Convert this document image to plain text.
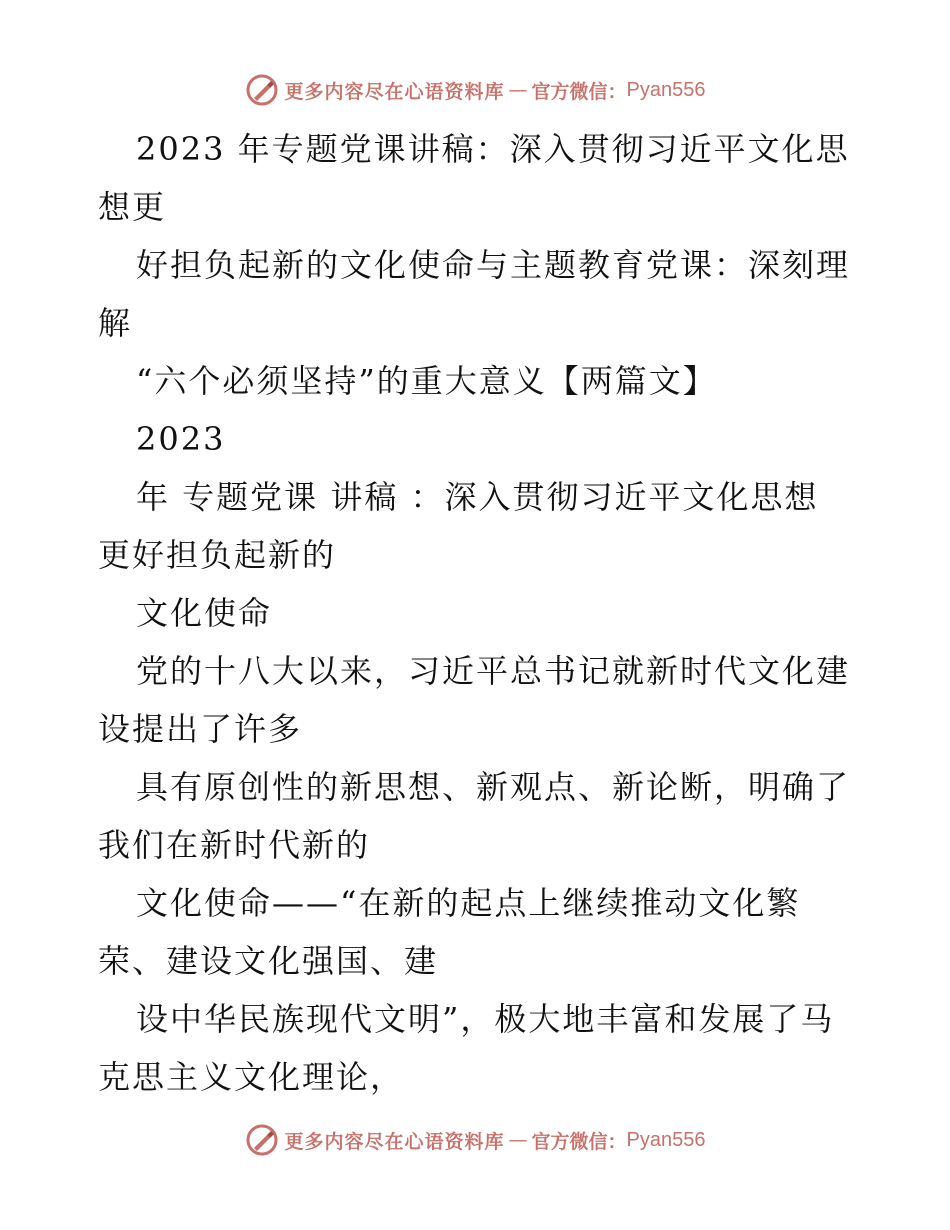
更多内容尽在心语资料库 — 官方微信： Pyan556
2023 年专题党课讲稿：深入贯彻习近平文化思
想更
好担负起新的文化使命与主题教育党课：深刻理
解
“六个必须坚持”的重大意义【两篇文】
2023
年 专题党课 讲稿 ：深入贯彻习近平文化思想
更好担负起新的
文化使命
党的十八大以来，习近平总书记就新时代文化建
设提出了许多
具有原创性的新思想、新观点、新论断，明确了
我们在新时代新的
文化使命——“在新的起点上继续推动文化繁
荣、建设文化强国、建
设中华民族现代文明”，极大地丰富和发展了马
克思主义文化理论，
更多内容尽在心语资料库 — 官方微信： Pyan556
